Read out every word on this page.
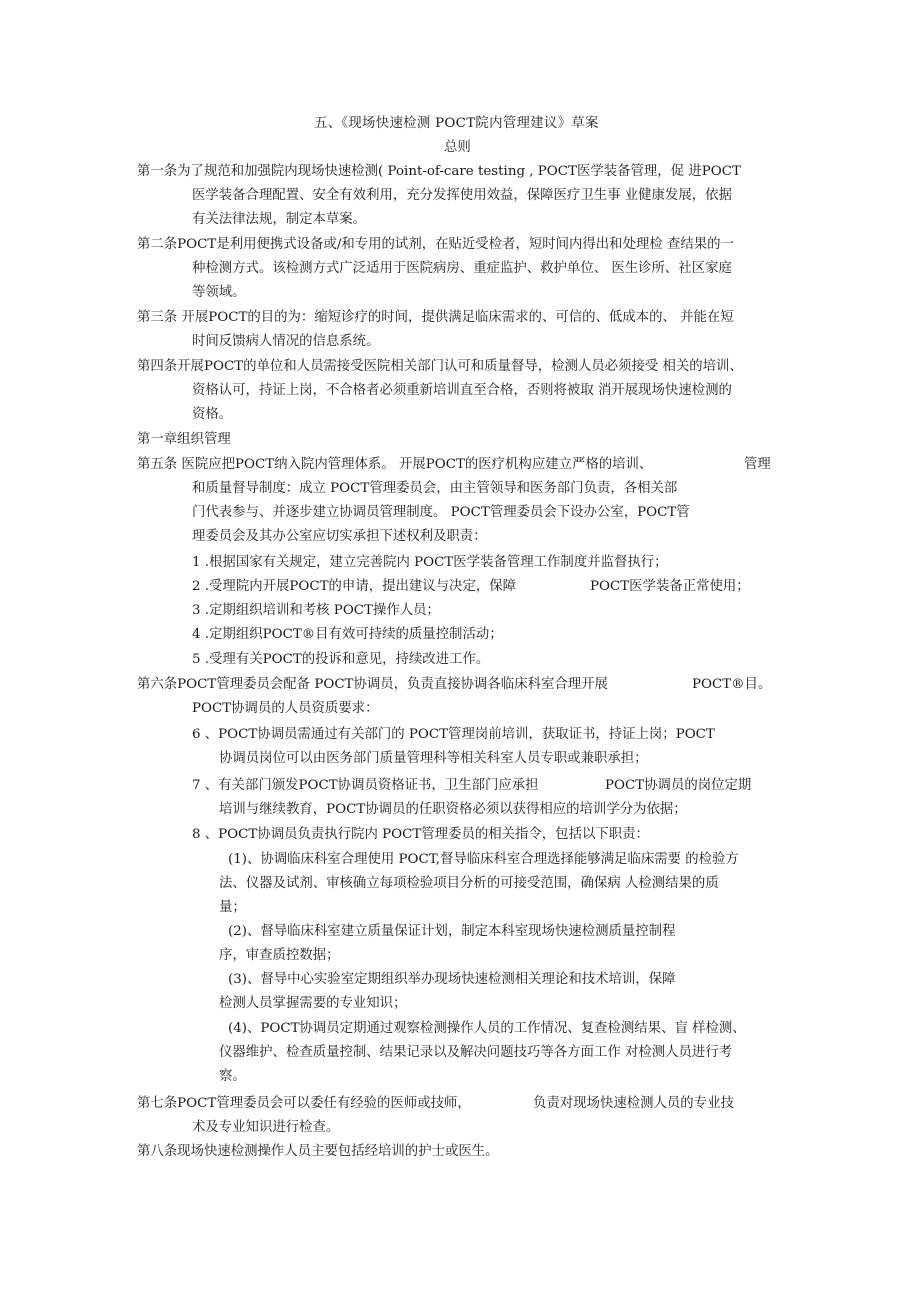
五、《现场快速检测 POCT院内管理建议》草案
总则
第一条为了规范和加强院内现场快速检测( Point-of-care testing , POCT医学装备管理，促 进POCT
医学装备合理配置、安全有效利用，充分发挥使用效益，保障医疗卫生事 业健康发展，依据
有关法律法规，制定本草案。
第二条POCT是利用便携式设备或/和专用的试剂，在贴近受检者，短时间内得出和处理检 查结果的一
种检测方式。该检测方式广泛适用于医院病房、重症监护、救护单位、 医生诊所、社区家庭
等领域。
第三条 开展POCT的目的为：缩短诊疗的时间，提供满足临床需求的、可信的、低成本的、 并能在短
时间反馈病人情况的信息系统。
第四条开展POCT的单位和人员需接受医院相关部门认可和质量督导，检测人员必须接受 相关的培训、
资格认可，持证上岗，不合格者必须重新培训直至合格，否则将被取 消开展现场快速检测的
资格。
第一章组织管理
第五条 医院应把POCT纳入院内管理体系。 开展POCT的医疗机构应建立严格的培训、	管理
和质量督导制度：成立 POCT管理委员会，由主管领导和医务部门负责，各相关部
门代表参与、并逐步建立协调员管理制度。 POCT管理委员会下设办公室，POCT管
理委员会及其办公室应切实承担下述权利及职责：
1 .根据国家有关规定，建立完善院内 POCT医学装备管理工作制度并监督执行；
2 .受理院内开展POCT的申请，提出建议与决定，保障	POCT医学装备正常使用；
3 .定期组织培训和考核 POCT操作人员；
4 .定期组织POCT®目有效可持续的质量控制活动；
5 .受理有关POCT的投诉和意见，持续改进工作。
第六条POCT管理委员会配备 POCT协调员，负责直接协调各临床科室合理开展	POCT®目。
POCT协调员的人员资质要求：
6 、POCT协调员需通过有关部门的 POCT管理岗前培训，获取证书，持证上岗；POCT
协调员岗位可以由医务部门质量管理科等相关科室人员专职或兼职承担；
7 、有关部门颁发POCT协调员资格证书，卫生部门应承担	POCT协调员的岗位定期
培训与继续教育，POCT协调员的任职资格必须以获得相应的培训学分为依据；
8 、POCT协调员负责执行院内 POCT管理委员的相关指令，包括以下职责：
(1)、协调临床科室合理使用 POCT,督导临床科室合理选择能够满足临床需要 的检验方
法、仪器及试剂、审核确立每项检验项目分析的可接受范围，确保病 人检测结果的质
量；
(2)、督导临床科室建立质量保证计划，制定本科室现场快速检测质量控制程
序，审查质控数据；
(3)、督导中心实验室定期组织举办现场快速检测相关理论和技术培训，保障
检测人员掌握需要的专业知识；
(4)、POCT协调员定期通过观察检测操作人员的工作情况、复查检测结果、盲 样检测、
仪器维护、检查质量控制、结果记录以及解决问题技巧等各方面工作 对检测人员进行考
察。
第七条POCT管理委员会可以委任有经验的医师或技师，	负责对现场快速检测人员的专业技
术及专业知识进行检查。
第八条现场快速检测操作人员主要包括经培训的护士或医生。
